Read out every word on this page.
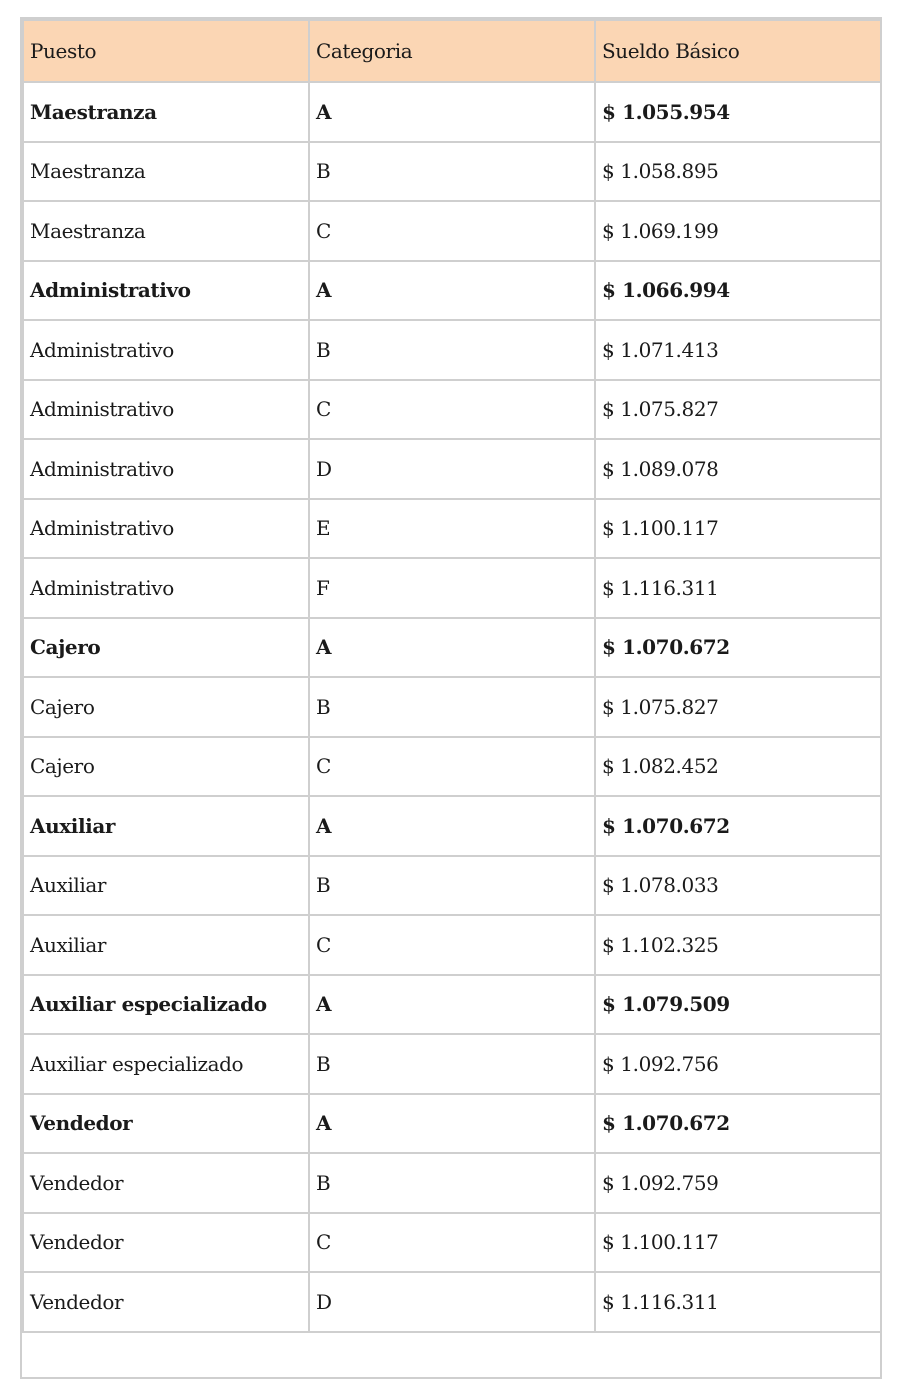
Puesto	Categoria	Sueldo Básico
Maestranza	A	$ 1.055.954
Maestranza	B	$ 1.058.895
Maestranza	C	$ 1.069.199
Administrativo	A	$ 1.066.994
Administrativo	B	$ 1.071.413
Administrativo	C	$ 1.075.827
Administrativo	D	$ 1.089.078
Administrativo	E	$ 1.100.117
Administrativo	F	$ 1.116.311
Cajero	A	$ 1.070.672
Cajero	B	$ 1.075.827
Cajero	C	$ 1.082.452
Auxiliar	A	$ 1.070.672
Auxiliar	B	$ 1.078.033
Auxiliar	C	$ 1.102.325
Auxiliar especializado	A	$ 1.079.509
Auxiliar especializado	B	$ 1.092.756
Vendedor	A	$ 1.070.672
Vendedor	B	$ 1.092.759
Vendedor	C	$ 1.100.117
Vendedor	D	$ 1.116.311
